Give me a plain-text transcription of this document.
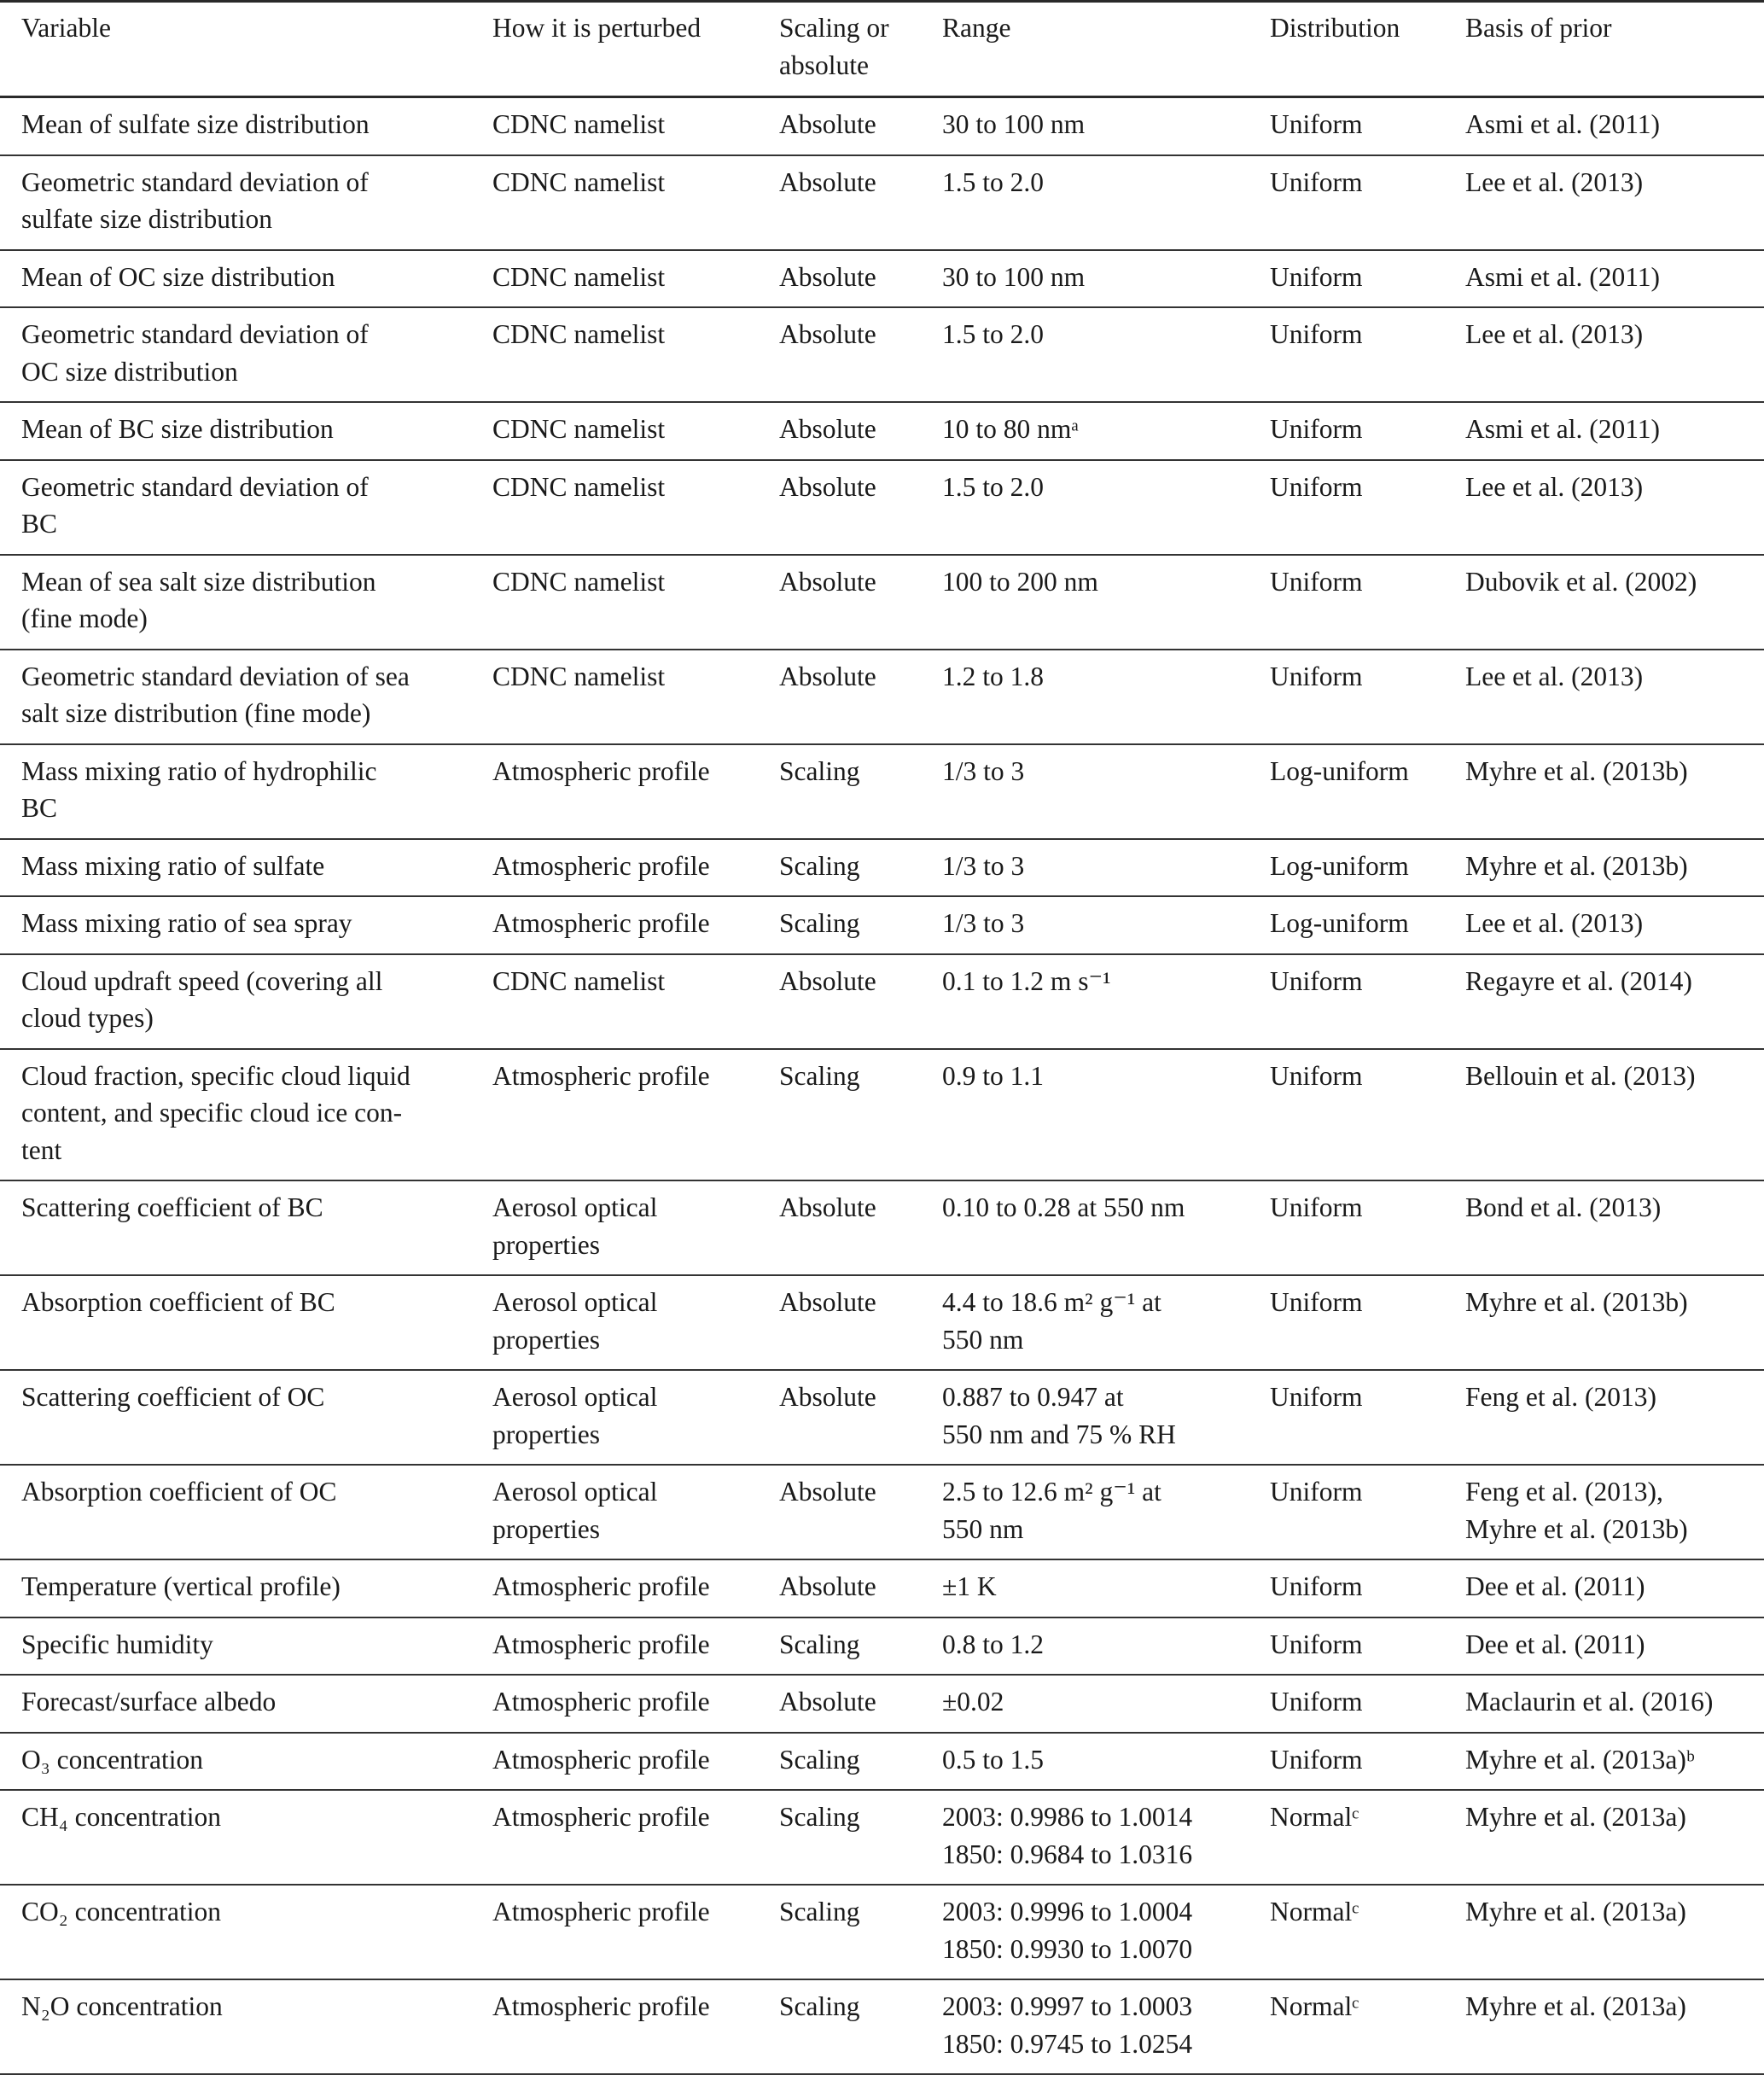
Variable	How it is perturbed	Scaling or
absolute	Range	Distribution	Basis of prior
Mean of sulfate size distribution	CDNC namelist	Absolute	30 to 100 nm	Uniform	Asmi et al. (2011)
Geometric standard deviation of
sulfate size distribution	CDNC namelist	Absolute	1.5 to 2.0	Uniform	Lee et al. (2013)
Mean of OC size distribution	CDNC namelist	Absolute	30 to 100 nm	Uniform	Asmi et al. (2011)
Geometric standard deviation of
OC size distribution	CDNC namelist	Absolute	1.5 to 2.0	Uniform	Lee et al. (2013)
Mean of BC size distribution	CDNC namelist	Absolute	10 to 80 nmᵃ	Uniform	Asmi et al. (2011)
Geometric standard deviation of
BC	CDNC namelist	Absolute	1.5 to 2.0	Uniform	Lee et al. (2013)
Mean of sea salt size distribution
(fine mode)	CDNC namelist	Absolute	100 to 200 nm	Uniform	Dubovik et al. (2002)
Geometric standard deviation of sea
salt size distribution (fine mode)	CDNC namelist	Absolute	1.2 to 1.8	Uniform	Lee et al. (2013)
Mass mixing ratio of hydrophilic
BC	Atmospheric profile	Scaling	1/3 to 3	Log-uniform	Myhre et al. (2013b)
Mass mixing ratio of sulfate	Atmospheric profile	Scaling	1/3 to 3	Log-uniform	Myhre et al. (2013b)
Mass mixing ratio of sea spray	Atmospheric profile	Scaling	1/3 to 3	Log-uniform	Lee et al. (2013)
Cloud updraft speed (covering all
cloud types)	CDNC namelist	Absolute	0.1 to 1.2 m s⁻¹	Uniform	Regayre et al. (2014)
Cloud fraction, specific cloud liquid
content, and specific cloud ice con-
tent	Atmospheric profile	Scaling	0.9 to 1.1	Uniform	Bellouin et al. (2013)
Scattering coefficient of BC	Aerosol optical
properties	Absolute	0.10 to 0.28 at 550 nm	Uniform	Bond et al. (2013)
Absorption coefficient of BC	Aerosol optical
properties	Absolute	4.4 to 18.6 m² g⁻¹ at
550 nm	Uniform	Myhre et al. (2013b)
Scattering coefficient of OC	Aerosol optical
properties	Absolute	0.887 to 0.947 at
550 nm and 75 % RH	Uniform	Feng et al. (2013)
Absorption coefficient of OC	Aerosol optical
properties	Absolute	2.5 to 12.6 m² g⁻¹ at
550 nm	Uniform	Feng et al. (2013),
Myhre et al. (2013b)
Temperature (vertical profile)	Atmospheric profile	Absolute	±1 K	Uniform	Dee et al. (2011)
Specific humidity	Atmospheric profile	Scaling	0.8 to 1.2	Uniform	Dee et al. (2011)
Forecast/surface albedo	Atmospheric profile	Absolute	±0.02	Uniform	Maclaurin et al. (2016)
O₃ concentration	Atmospheric profile	Scaling	0.5 to 1.5	Uniform	Myhre et al. (2013a)ᵇ
CH₄ concentration	Atmospheric profile	Scaling	2003: 0.9986 to 1.0014
1850: 0.9684 to 1.0316	Normalᶜ	Myhre et al. (2013a)
CO₂ concentration	Atmospheric profile	Scaling	2003: 0.9996 to 1.0004
1850: 0.9930 to 1.0070	Normalᶜ	Myhre et al. (2013a)
N₂O concentration	Atmospheric profile	Scaling	2003: 0.9997 to 1.0003
1850: 0.9745 to 1.0254	Normalᶜ	Myhre et al. (2013a)
